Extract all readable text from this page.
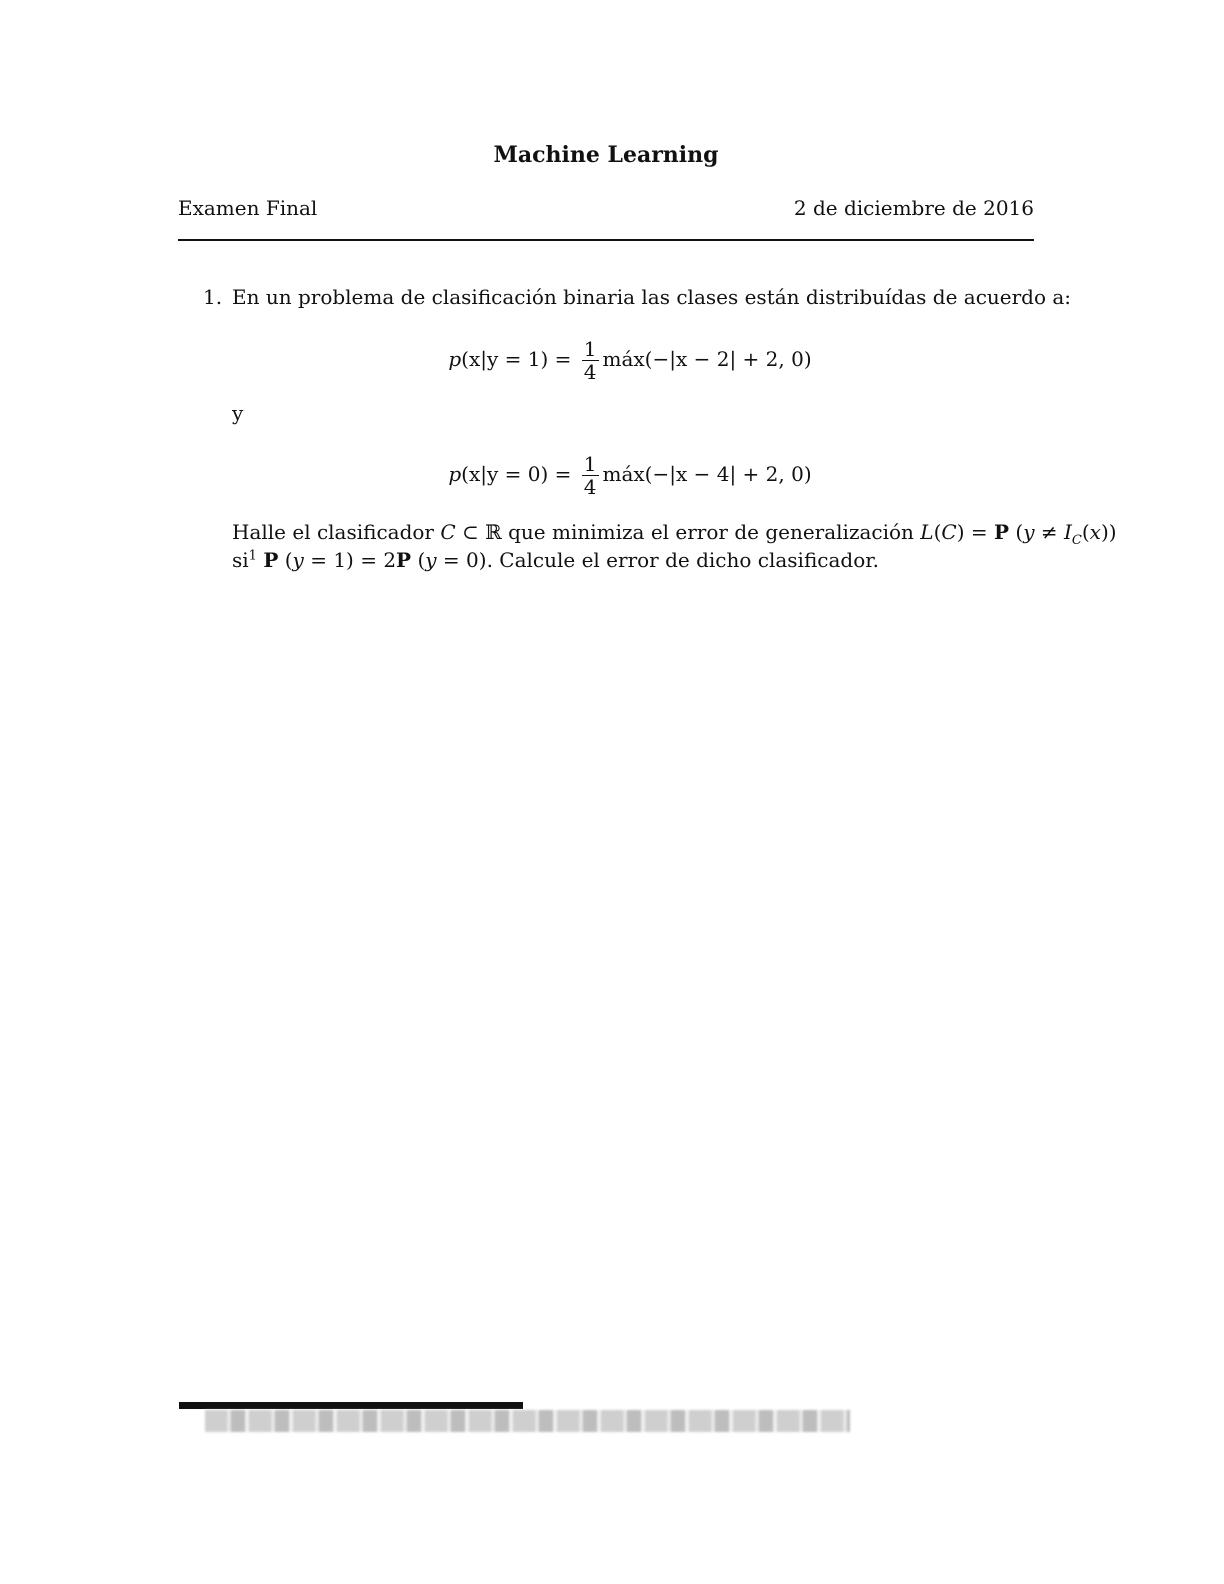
Machine Learning
Examen Final	2 de diciembre de 2016
1. En un problema de clasificación binaria las clases están distribuídas de acuerdo a:
$p(x|y = 1) = \frac{1}{4}$ máx(−|x − 2| + 2, 0)
y
$p(x|y = 0) = \frac{1}{4}$ máx(−|x − 4| + 2, 0)
Halle el clasificador C ⊂ ℝ que minimiza el error de generalización L(C) = P $(y \ne I_C(x))$
$si^1$ P (y = 1) = 2P (y = 0). Calcule el error de dicho clasificador.
